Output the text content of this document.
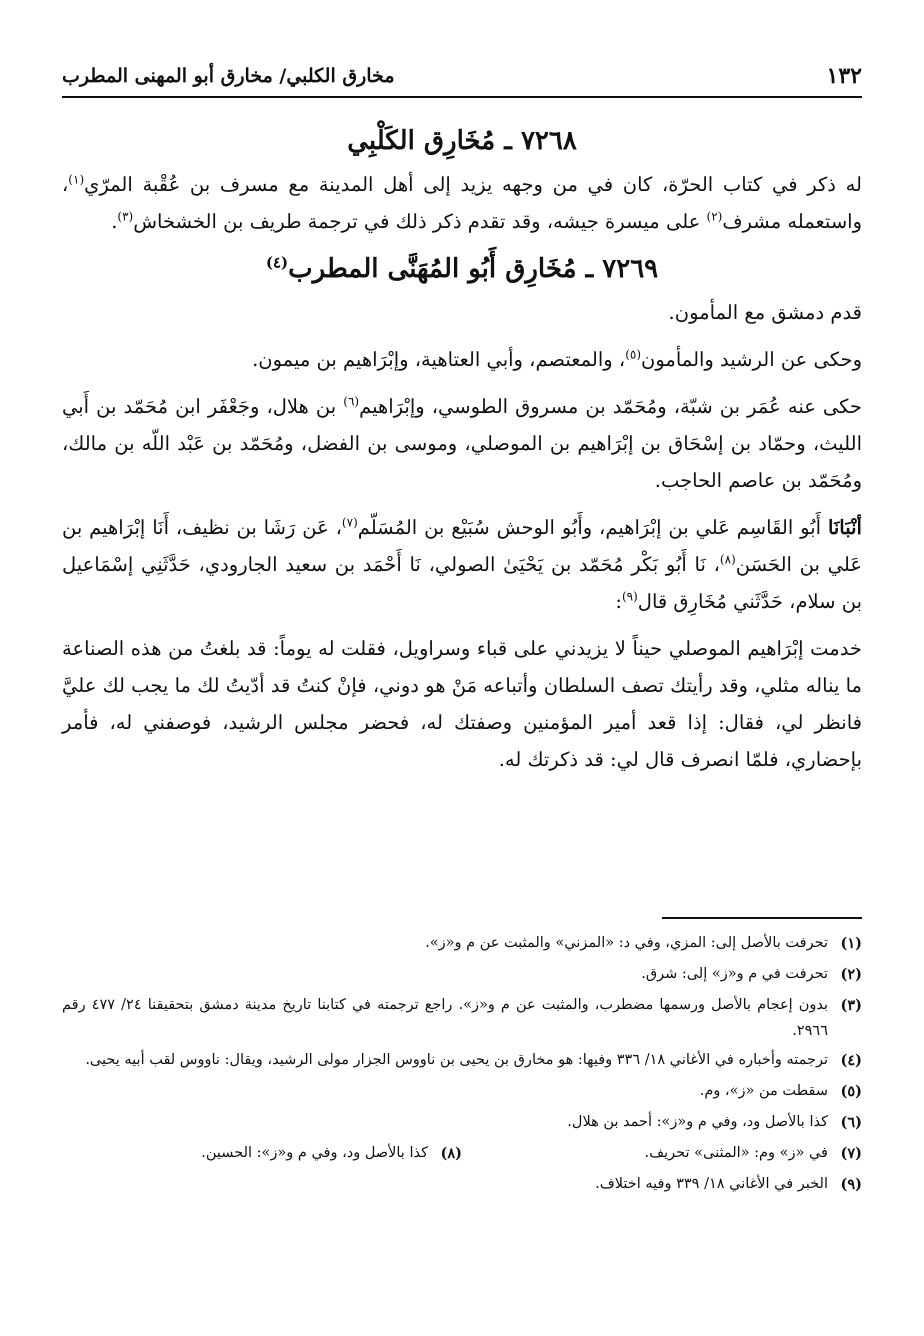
١٣٢
مخارق الكلبي/ مخارق أبو المهنى المطرب
٧٢٦٨ ـ مُخَارِق الكَلْبِي

له ذكر في كتاب الحرّة، كان في من وجهه يزيد إلى أهل المدينة مع مسرف بن عُقْبة المرّي$^{(١)}$، واستعمله مشرف$^{(٢)}$ على ميسرة جيشه، وقد تقدم ذكر ذلك في ترجمة طريف بن الخشخاش$^{(٣)}$.

٧٢٦٩ ـ مُخَارِق أَبُو المُهَنَّى المطرب$^{(٤)}$

قدم دمشق مع المأمون.

وحكى عن الرشيد والمأمون$^{(٥)}$، والمعتصم، وأبي العتاهية، وإبْرَاهيم بن ميمون.

حكى عنه عُمَر بن شبّة، ومُحَمّد بن مسروق الطوسي، وإبْرَاهيم$^{(٦)}$ بن هلال، وجَعْفَر ابن مُحَمّد بن أَبي الليث، وحمّاد بن إسْحَاق بن إبْرَاهيم بن الموصلي، وموسى بن الفضل، ومُحَمّد بن عَبْد اللّه بن مالك، ومُحَمّد بن عاصم الحاجب.

أنْبَانَا أَبُو القَاسِم عَلي بن إبْرَاهيم، وأَبُو الوحش سُبَيْع بن المُسَلّم$^{(٧)}$، عَن رَشَا بن نظيف، أَنَا إبْرَاهيم بن عَلي بن الحَسَن$^{(٨)}$، نَا أَبُو بَكْر مُحَمّد بن يَحْيَىٰ الصولي، نَا أَحْمَد بن سعيد الجارودي، حَدَّثَنِي إسْمَاعيل بن سلام، حَدَّثَني مُخَارِق قال$^{(٩)}$:

خدمت إبْرَاهيم الموصلي حيناً لا يزيدني على قباء وسراويل، فقلت له يوماً: قد بلغتُ من هذه الصناعة ما يناله مثلي، وقد رأيتك تصف السلطان وأتباعه مَنْ هو دوني، فإنْ كنتُ قد أدّيتُ لك ما يجب لك عليَّ فانظر لي، فقال: إذا قعد أمير المؤمنين وصفتك له، فحضر مجلس الرشيد، فوصفني له، فأمر بإحضاري، فلمّا انصرف قال لي: قد ذكرتك له.

(١)
تحرفت بالأصل إلى: المزي، وفي د: «المزني» والمثبت عن م و«ز».
(٢)
تحرفت في م و«ز» إلى: شرق.
(٣)
بدون إعجام بالأصل ورسمها مضطرب، والمثبت عن م و«ز». راجع ترجمته في كتابنا تاريخ مدينة دمشق بتحقيقنا ٢٤/ ٤٧٧ رقم ٢٩٦٦.
(٤)
ترجمته وأخباره في الأغاني ١٨/ ٣٣٦ وفيها: هو مخارق بن يحيى بن ناووس الجزار مولى الرشيد، ويقال: ناووس لقب أبيه يحيى.
(٥)
سقطت من «ز»، وم.
(٦)
كذا بالأصل ود، وفي م و«ز»: أحمد بن هلال.
(٧)
في «ز» وم: «المثنى» تحريف.
(٨)
كذا بالأصل ود، وفي م و«ز»: الحسين.
(٩)
الخبر في الأغاني ١٨/ ٣٣٩ وفيه اختلاف.
